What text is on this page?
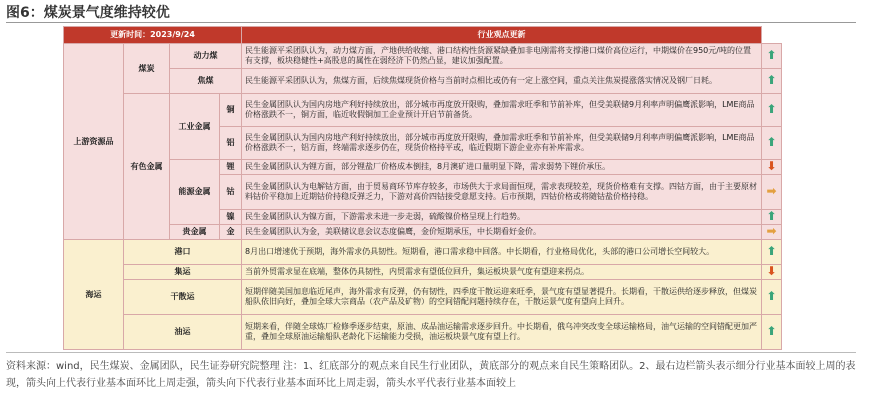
图6：煤炭景气度维持较优
更新时间：2023/9/24				行业观点更新	
上游资源品	煤炭	动力煤		民生能源平采团队认为，动力煤方面，产地供给收缩、港口结构性货源紧缺叠加非电刚需将支撑港口煤价高位运行，中期煤价在950元/吨的位置有支撑，板块稳健性+高股息的属性在弱经济下仍然凸显，建议加强配置。	⬆
		焦煤		民生能源平采团队认为，焦煤方面，后续焦煤现货价格与当前时点相比或仍有一定上涨空间，重点关注焦炭提涨落实情况及钢厂日耗。	⬆
	有色金属	工业金属	铜	民生金属团队认为国内房地产利好持续放出，部分城市再度放开限购，叠加需求旺季和节前补库，但受美联储9月利率声明偏鹰派影响，LME商品价格涨跌不一，铜方面，临近收假铜加工企业预计开启节前备货。	⬆
			铝	民生金属团队认为国内房地产利好持续放出，部分城市再度放开限购，叠加需求旺季和节前补库，但受美联储9月利率声明偏鹰派影响，LME商品价格涨跌不一，铝方面，终端需求逐步仍在，现货价格持平或，临近假期下游企业亦有补库需求。	⬆
		能源金属	锂	民生金属团队认为锂方面，部分锂盐厂价格成本倒挂，8月澳矿进口量明显下降，需求弱势下锂价承压。	⬇
			钴	民生金属团队认为电解钴方面，由于贸易商环节库存较多，市场供大于求局面恒现，需求表现较差，现货价格难有支撑。四钴方面，由于主要原材料钴价平稳加上近期钴价持稳反弹乏力，下游对高价四钴接受意愿支持。后市预期，四钴价格或将随钴盐价格持稳。	➡
			镍	民生金属团队认为镍方面，下游需求未进一步走弱，硫酸镍价格呈现上行趋势。	⬆
		贵金属	金	民生金属团队认为金，美联储议息会议态度偏鹰，金价短期承压，中长期看好金价。	➡
海运	港口			8月出口增速优于预期，海外需求仍具韧性。短期看，港口需求稳中回落。中长期看，行业格局优化，头部的港口公司增长空间较大。	⬆
	集运			当前外贸需求显在底端，整体仍具韧性，内贸需求有望低位回升，集运板块景气度有望迎来拐点。	⬇
	干散运			短期伴随美国加息临近尾声，海外需求有反弹，仍有韧性，四季度干散运迎来旺季，景气度有望显著提升。长期看，干散运供给逐步释放，但煤炭船队依旧向好，叠加全球大宗商品（农产品及矿物）的空间错配问题持续存在，干散运景气度有望向上回升。	⬆
	油运			短期来看，伴随全球炼厂检修季逐步结束，原油、成品油运输需求逐步回升。中长期看，俄乌冲突改变全球运输格局，油气运输的空间错配更加严重，叠加全球原油运输船队老龄化下运输能力受损，油运板块景气度有望上行。	⬆
资料来源：wind，民生煤炭、金属团队，民生证券研究院整理 注：1、红底部分的观点来自民生行业团队，黄底部分的观点来自民生策略团队。2、最右边栏箭头表示细分行业基本面较上周的表现，箭头向上代表行业基本面环比上周走强，箭头向下代表行业基本面环比上周走弱，箭头水平代表行业基本面较上
